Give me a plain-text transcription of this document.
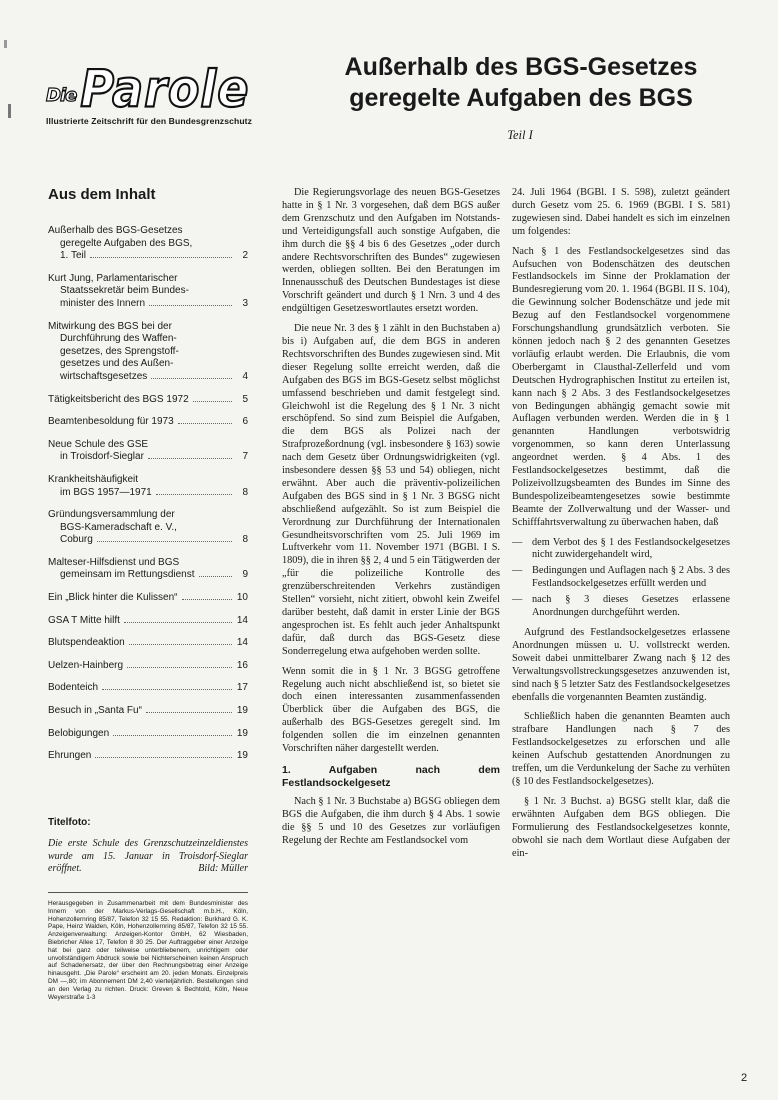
Die Parole
Illustrierte Zeitschrift für den Bundesgrenzschutz
Außerhalb des BGS-Gesetzes
geregelte Aufgaben des BGS
Teil I
Aus dem Inhalt
Außerhalb des BGS-Gesetzes
geregelte Aufgaben des BGS,
1. Teil	2
Kurt Jung, Parlamentarischer
Staatssekretär beim Bundes-
minister des Innern	3
Mitwirkung des BGS bei der
Durchführung des Waffen-
gesetzes, des Sprengstoff-
gesetzes und des Außen-
wirtschaftsgesetzes	4
Tätigkeitsbericht des BGS 1972	5
Beamtenbesoldung für 1973	6
Neue Schule des GSE
in Troisdorf-Sieglar	7
Krankheitshäufigkeit
im BGS 1957—1971	8
Gründungsversammlung der
BGS-Kameradschaft e. V.,
Coburg	8
Malteser-Hilfsdienst und BGS
gemeinsam im Rettungsdienst	9
Ein „Blick hinter die Kulissen“	10
GSA T Mitte hilft	14
Blutspendeaktion	14
Uelzen-Hainberg	16
Bodenteich	17
Besuch in „Santa Fu“	19
Belobigungen	19
Ehrungen	19
Titelfoto:
Die erste Schule des Grenzschutzeinzeldienstes wurde am 15. Januar in Troisdorf-Sieglar eröffnet.	Bild: Müller
Herausgegeben in Zusammenarbeit mit dem Bundesminister des Innern von der Markus-Verlags-Gesellschaft m.b.H., Köln, Hohenzollernring 85/87, Telefon 32 15 55. Redaktion: Burkhard G. K. Pape, Heinz Walden, Köln, Hohenzollernring 85/87, Telefon 32 15 55. Anzeigenverwaltung: Anzeigen-Kontor GmbH, 62 Wiesbaden, Biebricher Allee 17, Telefon 8 30 25. Der Auftraggeber einer Anzeige hat bei ganz oder teilweise unterbliebenem, unrichtigem oder unvollständigem Abdruck sowie bei Nichterscheinen keinen Anspruch auf Schadenersatz, der über den Rechnungsbetrag einer Anzeige hinausgeht. „Die Parole“ erscheint am 20. jeden Monats. Einzelpreis DM —,80; im Abonnement DM 2,40 vierteljährlich. Bestellungen sind an den Verlag zu richten. Druck: Greven & Bechtold, Köln, Neue Weyerstraße 1-3

Die Regierungsvorlage des neuen BGS-Gesetzes hatte in § 1 Nr. 3 vorgesehen, daß dem BGS außer dem Grenzschutz und den Aufgaben im Notstands- und Verteidigungsfall auch sonstige Aufgaben, die ihm durch die §§ 4 bis 6 des Gesetzes „oder durch andere Rechtsvorschriften des Bundes“ zugewiesen werden, obliegen sollten. Bei den Beratungen im Innenausschuß des Deutschen Bundestages ist diese Vorschrift geändert und durch § 1 Nrn. 3 und 4 des endgültigen Gesetzeswortlautes ersetzt worden.

Die neue Nr. 3 des § 1 zählt in den Buchstaben a) bis i) Aufgaben auf, die dem BGS in anderen Rechtsvorschriften des Bundes zugewiesen sind. Mit dieser Regelung sollte erreicht werden, daß die Aufgaben des BGS im BGS-Gesetz selbst möglichst umfassend beschrieben und damit festgelegt sind. Gleichwohl ist die Regelung des § 1 Nr. 3 nicht erschöpfend. So sind zum Beispiel die Aufgaben, die dem BGS als Polizei nach der Strafprozeßordnung (vgl. insbesondere § 163) sowie nach dem Gesetz über Ordnungswidrigkeiten (vgl. insbesondere dessen §§ 53 und 54) obliegen, nicht erwähnt. Aber auch die präventiv-polizeilichen Aufgaben des BGS sind in § 1 Nr. 3 BGSG nicht abschließend aufgezählt. So ist zum Beispiel die Verordnung zur Durchführung der Internationalen Gesundheitsvorschriften vom 25. Juli 1969 im Luftverkehr vom 11. November 1971 (BGBl. I S. 1809), die in ihren §§ 2, 4 und 5 ein Tätigwerden der „für die polizeiliche Kontrolle des grenzüberschreitenden Verkehrs zuständigen Stellen“ vorsieht, nicht zitiert, obwohl kein Zweifel darüber besteht, daß damit in erster Linie der BGS angesprochen ist. Es fehlt auch jeder Anhaltspunkt dafür, daß durch das BGS-Gesetz diese Sonderregelung etwa aufgehoben werden sollte.

Wenn somit die in § 1 Nr. 3 BGSG getroffene Regelung auch nicht abschließend ist, so bietet sie doch einen interessanten zusammenfassenden Überblick über die Aufgaben des BGS, die außerhalb des BGS-Gesetzes geregelt sind. Im folgenden sollen die im einzelnen genannten Vorschriften näher dargestellt werden.

1. Aufgaben nach dem Festlandsockelgesetz

Nach § 1 Nr. 3 Buchstabe a) BGSG obliegen dem BGS die Aufgaben, die ihm durch § 4 Abs. 1 sowie die §§ 5 und 10 des Gesetzes zur vorläufigen Regelung der Rechte am Festlandsockel vom

24. Juli 1964 (BGBl. I S. 598), zuletzt geändert durch Gesetz vom 25. 6. 1969 (BGBl. I S. 581) zugewiesen sind. Dabei handelt es sich im einzelnen um folgendes:

Nach § 1 des Festlandsockelgesetzes sind das Aufsuchen von Bodenschätzen des deutschen Festlandsockels im Sinne der Proklamation der Bundesregierung vom 20. 1. 1964 (BGBl. II S. 104), die Gewinnung solcher Bodenschätze und jede mit Bezug auf den Festlandsockel vorgenommene Forschungshandlung grundsätzlich verboten. Sie können jedoch nach § 2 des genannten Gesetzes vorläufig erlaubt werden. Die Erlaubnis, die vom Oberbergamt in Clausthal-Zellerfeld und vom Deutschen Hydrographischen Institut zu erteilen ist, kann nach § 2 Abs. 3 des Festlandsockelgesetzes von Bedingungen abhängig gemacht sowie mit Auflagen verbunden werden. Werden die in § 1 genannten Handlungen verbotswidrig vorgenommen, so kann deren Unterlassung angeordnet werden. § 4 Abs. 1 des Festlandsockelgesetzes bestimmt, daß die Polizeivollzugsbeamten des Bundes im Sinne des Bundespolizeibeamtengesetzes sowie bestimmte Beamte der Zollverwaltung und der Wasser- und Schifffahrtsverwaltung zu überwachen haben, daß

— dem Verbot des § 1 des Festlandsockelgesetzes nicht zuwidergehandelt wird,
— Bedingungen und Auflagen nach § 2 Abs. 3 des Festlandsockelgesetzes erfüllt werden und
— nach § 3 dieses Gesetzes erlassene Anordnungen durchgeführt werden.

Aufgrund des Festlandsockelgesetzes erlassene Anordnungen müssen u. U. vollstreckt werden. Soweit dabei unmittelbarer Zwang nach § 12 des Verwaltungsvollstreckungsgesetzes anzuwenden ist, sind nach § 5 letzter Satz des Festlandsockelgesetzes ebenfalls die vorgenannten Beamten zuständig.

Schließlich haben die genannten Beamten auch strafbare Handlungen nach § 7 des Festlandsockelgesetzes zu erforschen und alle keinen Aufschub gestattenden Anordnungen zu treffen, um die Verdunkelung der Sache zu verhüten (§ 10 des Festlandsockelgesetzes).

§ 1 Nr. 3 Buchst. a) BGSG stellt klar, daß die erwähnten Aufgaben dem BGS obliegen. Die Formulierung des Festlandsockelgesetzes konnte, obwohl sie nach dem Wortlaut diese Aufgaben der ein-

2
